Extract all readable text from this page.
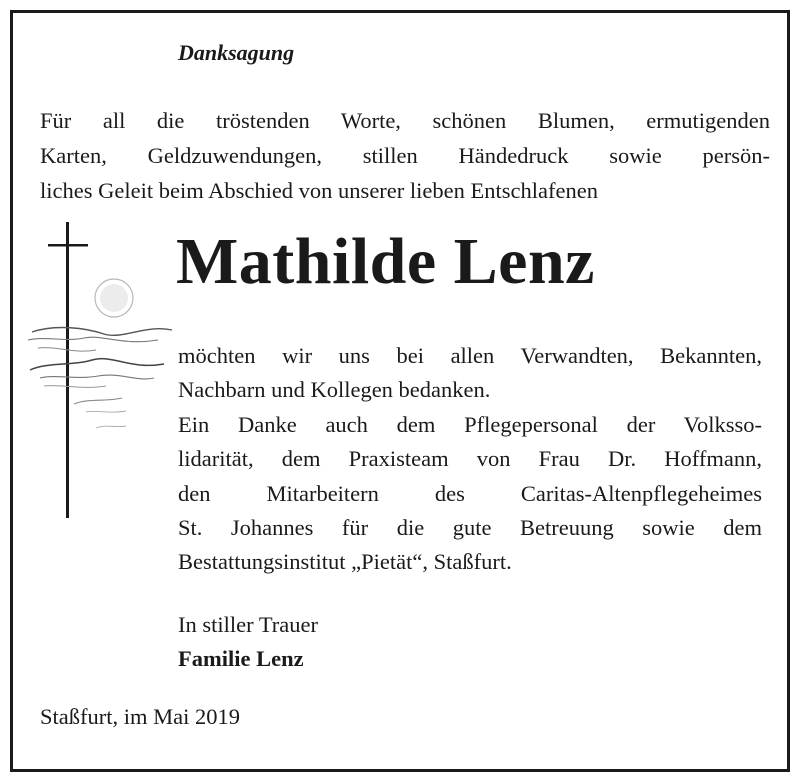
Danksagung
Für all die tröstenden Worte, schönen Blumen, ermutigenden
Karten, Geldzuwendungen, stillen Händedruck sowie persön-
liches Geleit beim Abschied von unserer lieben Entschlafenen
Mathilde Lenz
möchten wir uns bei allen Verwandten, Bekannten,
Nachbarn und Kollegen bedanken.
Ein Danke auch dem Pflegepersonal der Volksso-
lidarität, dem Praxisteam von Frau Dr. Hoffmann,
den Mitarbeitern des Caritas-Altenpflegeheimes
St. Johannes für die gute Betreuung sowie dem
Bestattungsinstitut „Pietät“, Staßfurt.
In stiller Trauer
Familie Lenz
Staßfurt, im Mai 2019
